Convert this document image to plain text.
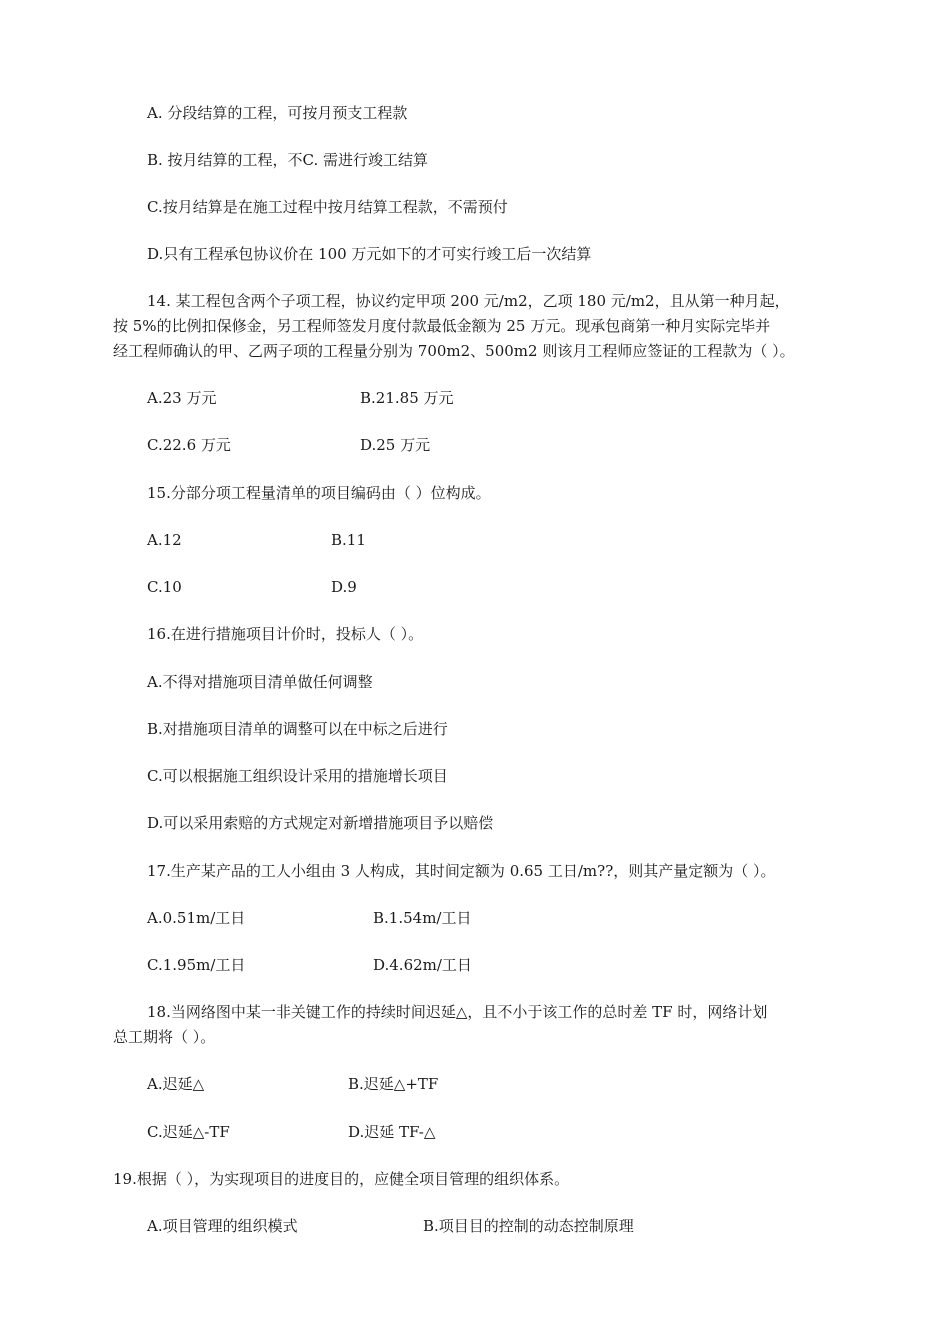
A. 分段结算的工程，可按月预支工程款
B. 按月结算的工程，不C. 需进行竣工结算
C.按月结算是在施工过程中按月结算工程款，不需预付
D.只有工程承包协议价在 100 万元如下的才可实行竣工后一次结算
14. 某工程包含两个子项工程，协议约定甲项 200 元/m2，乙项 180 元/m2，且从第一种月起，
按 5%的比例扣保修金，另工程师签发月度付款最低金额为 25 万元。现承包商第一种月实际完毕并
经工程师确认的甲、乙两子项的工程量分别为 700m2、500m2 则该月工程师应签证的工程款为（ ）。
A.23 万元	B.21.85 万元
C.22.6 万元	D.25 万元
15.分部分项工程量清单的项目编码由（ ）位构成。
A.12	B.11
C.10	D.9
16.在进行措施项目计价时，投标人（ ）。
A.不得对措施项目清单做任何调整
B.对措施项目清单的调整可以在中标之后进行
C.可以根据施工组织设计采用的措施增长项目
D.可以采用索赔的方式规定对新增措施项目予以赔偿
17.生产某产品的工人小组由 3 人构成，其时间定额为 0.65 工日/m??，则其产量定额为（ ）。
A.0.51m/工日	B.1.54m/工日
C.1.95m/工日	D.4.62m/工日
18.当网络图中某一非关键工作的持续时间迟延△，且不小于该工作的总时差 TF 时，网络计划
总工期将（ ）。
A.迟延△	B.迟延△+TF
C.迟延△-TF	D.迟延 TF-△
19.根据（ ），为实现项目的进度目的，应健全项目管理的组织体系。
A.项目管理的组织模式	B.项目目的控制的动态控制原理
